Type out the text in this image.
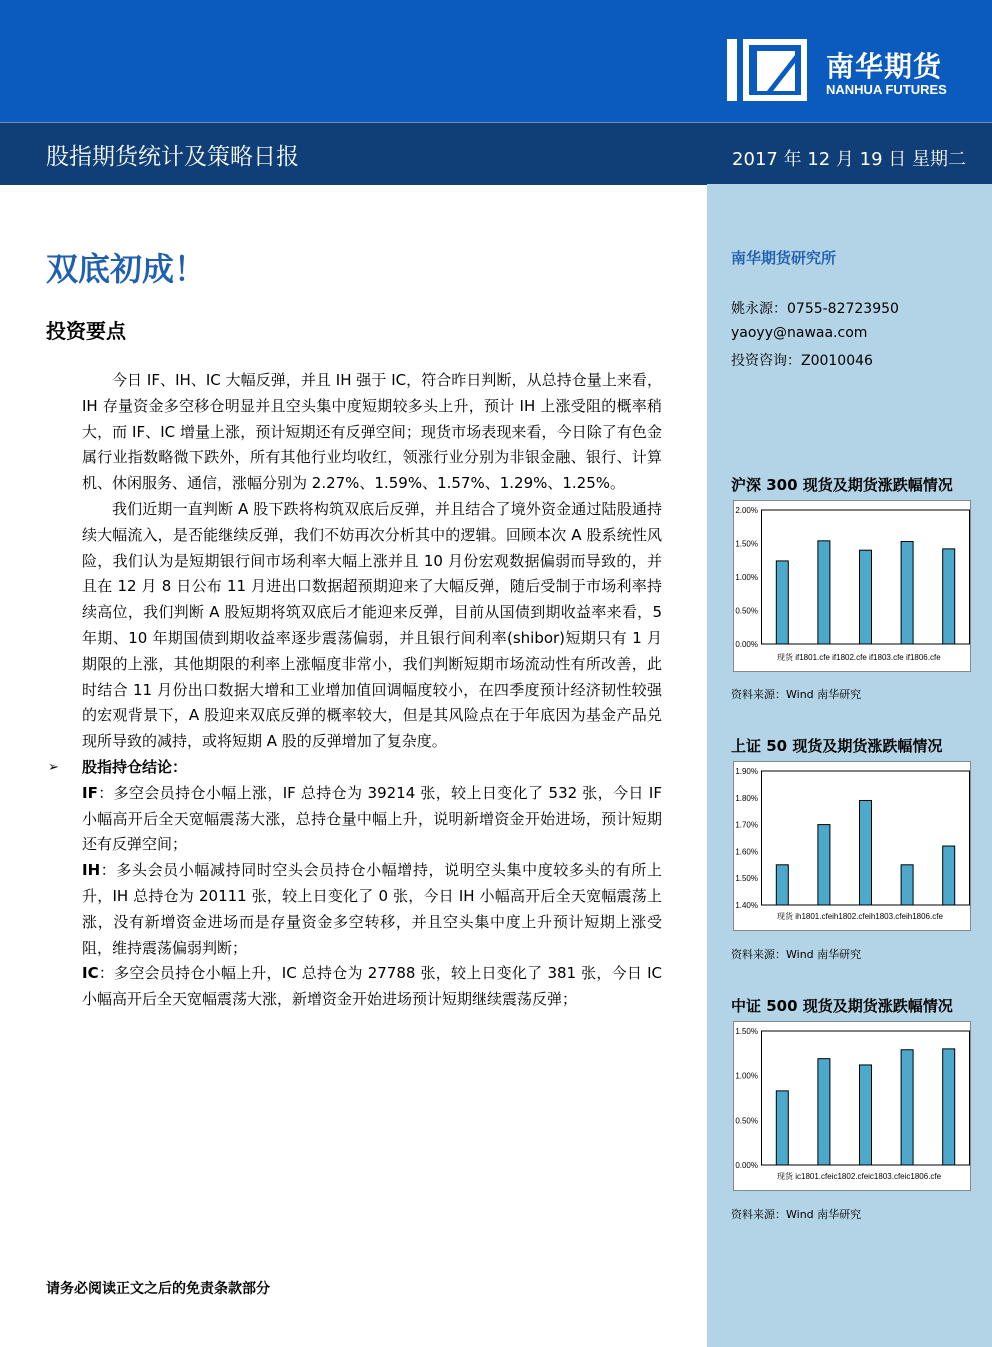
南华期货
NANHUA FUTURES
股指期货统计及策略日报	2017 年 12 月 19 日 星期二
双底初成！
投资要点

今日 IF、IH、IC 大幅反弹，并且 IH 强于 IC，符合昨日判断，从总持仓量上来看，IH 存量资金多空移仓明显并且空头集中度短期较多头上升，预计 IH 上涨受阻的概率稍大，而 IF、IC 增量上涨，预计短期还有反弹空间；现货市场表现来看，今日除了有色金属行业指数略微下跌外，所有其他行业均收红，领涨行业分别为非银金融、银行、计算机、休闲服务、通信，涨幅分别为 2.27%、1.59%、1.57%、1.29%、1.25%。

我们近期一直判断 A 股下跌将构筑双底后反弹，并且结合了境外资金通过陆股通持续大幅流入，是否能继续反弹，我们不妨再次分析其中的逻辑。回顾本次 A 股系统性风险，我们认为是短期银行间市场利率大幅上涨并且 10 月份宏观数据偏弱而导致的，并且在 12 月 8 日公布 11 月进出口数据超预期迎来了大幅反弹，随后受制于市场利率持续高位，我们判断 A 股短期将筑双底后才能迎来反弹，目前从国债到期收益率来看，5 年期、10 年期国债到期收益率逐步震荡偏弱，并且银行间利率(shibor)短期只有 1 月期限的上涨，其他期限的利率上涨幅度非常小，我们判断短期市场流动性有所改善，此时结合 11 月份出口数据大增和工业增加值回调幅度较小，在四季度预计经济韧性较强的宏观背景下，A 股迎来双底反弹的概率较大，但是其风险点在于年底因为基金产品兑现所导致的减持，或将短期 A 股的反弹增加了复杂度。

➢ 股指持仓结论：

IF：多空会员持仓小幅上涨，IF 总持仓为 39214 张，较上日变化了 532 张，今日 IF 小幅高开后全天宽幅震荡大涨，总持仓量中幅上升，说明新增资金开始进场，预计短期还有反弹空间；

IH：多头会员小幅减持同时空头会员持仓小幅增持，说明空头集中度较多头的有所上升，IH 总持仓为 20111 张，较上日变化了 0 张，今日 IH 小幅高开后全天宽幅震荡上涨，没有新增资金进场而是存量资金多空转移，并且空头集中度上升预计短期上涨受阻，维持震荡偏弱判断；

IC：多空会员持仓小幅上升，IC 总持仓为 27788 张，较上日变化了 381 张，今日 IC 小幅高开后全天宽幅震荡大涨，新增资金开始进场预计短期继续震荡反弹；

请务必阅读正文之后的免责条款部分
南华期货研究所
姚永源：0755-82723950
yaoyy@nawaa.com
投资咨询：Z0010046
沪深 300 现货及期货涨跌幅情况
0.00%
0.50%
1.00%
1.50%
2.00%
现货 if1801.cfe if1802.cfe if1803.cfe if1806.cfe
资料来源：Wind 南华研究
上证 50 现货及期货涨跌幅情况
1.40%
1.50%
1.60%
1.70%
1.80%
1.90%
现货 ih1801.cfeih1802.cfeih1803.cfeih1806.cfe
资料来源：Wind 南华研究
中证 500 现货及期货涨跌幅情况
0.00%
0.50%
1.00%
1.50%
现货 ic1801.cfeic1802.cfeic1803.cfeic1806.cfe
资料来源：Wind 南华研究
